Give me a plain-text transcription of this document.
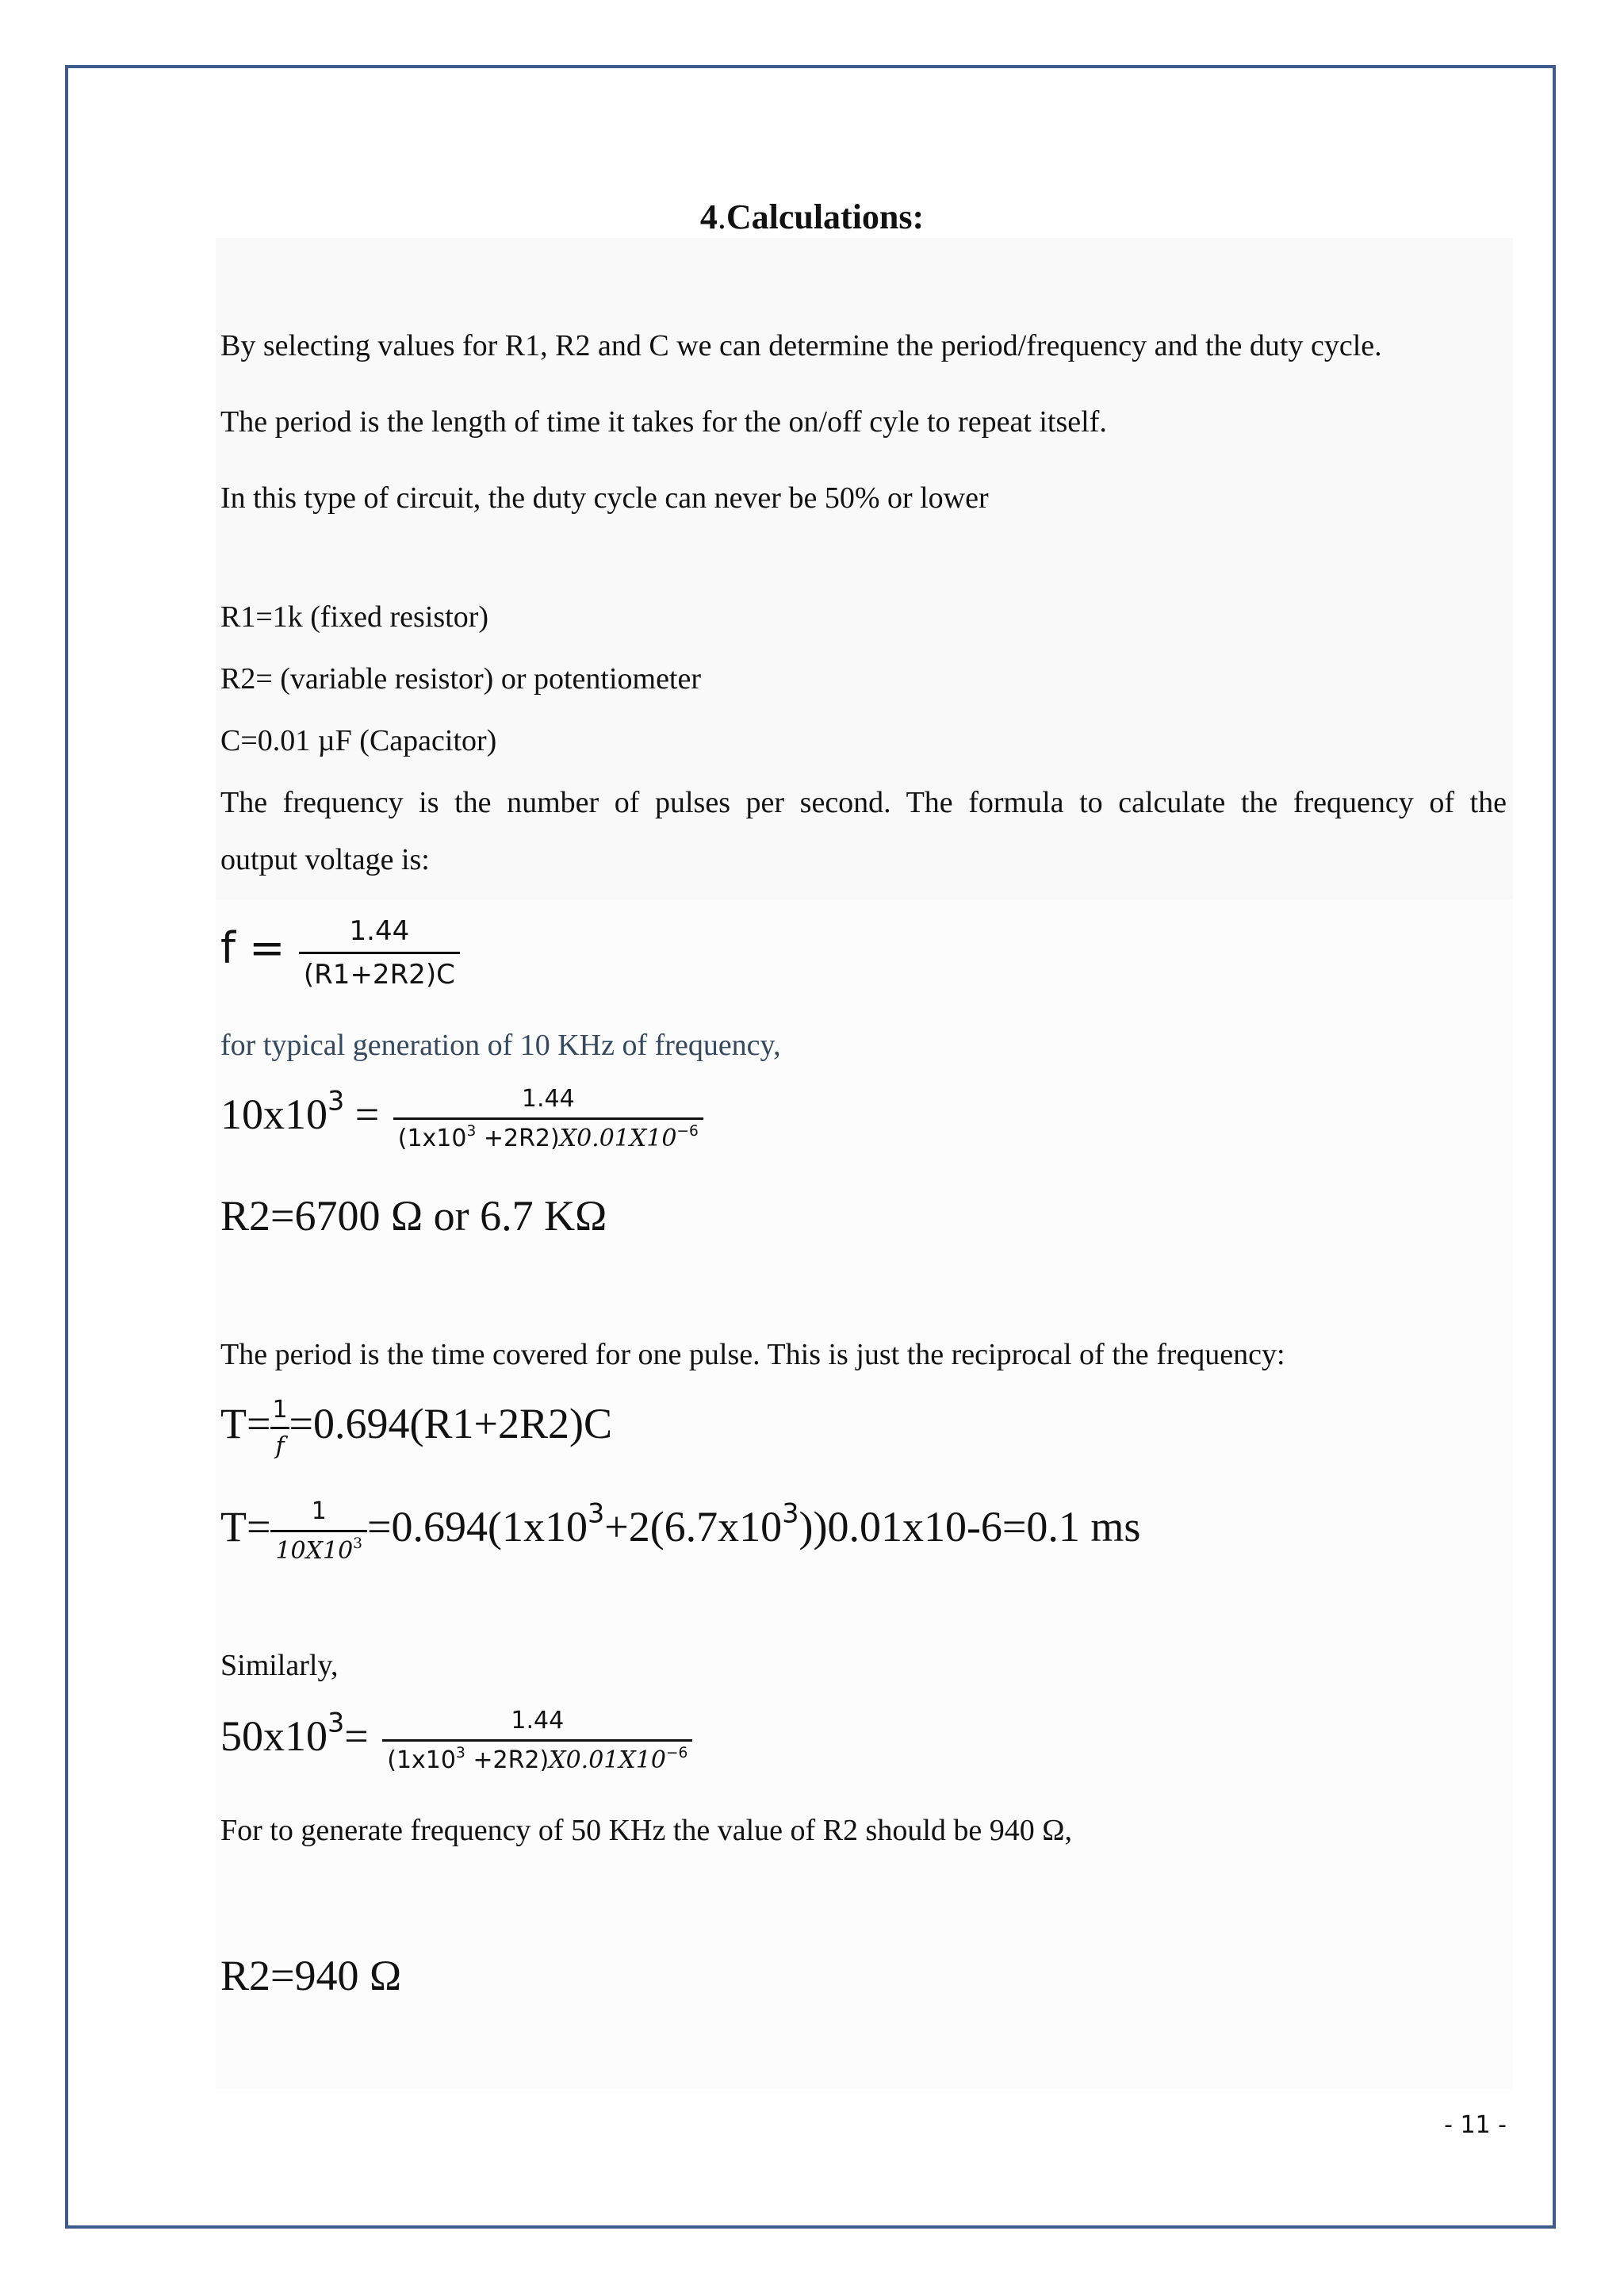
4.Calculations:
By selecting values for R1, R2 and C we can determine the period/frequency and the duty cycle.
The period is the length of time it takes for the on/off cyle to repeat itself.
In this type of circuit, the duty cycle can never be 50% or lower
R1=1k (fixed resistor)
R2= (variable resistor) or potentiometer
C=0.01 µF (Capacitor)
The frequency is the number of pulses per second. The formula to calculate the frequency of the
output voltage is:
$f = \frac{1.44}{(R1+2R2)C}$
for typical generation of 10 KHz of frequency,
$10x10^3 = \frac{1.44}{(1x10^3 +2R2)X0.01X10^{-6}}$
R2=6700 Ω or 6.7 KΩ
The period is the time covered for one pulse. This is just the reciprocal of the frequency:
$T= \frac{1}{f} =0.694(R1+2R2)C$
$T= \frac{1}{10X10^3} =0.694(1x10^3+2(6.7x10^3))0.01x10-6=0.1$ ms
Similarly,
$50x10^3= \frac{1.44}{(1x10^3 +2R2)X0.01X10^{-6}}$
For to generate frequency of 50 KHz the value of R2 should be 940 Ω,
R2=940 Ω
- 11 -
